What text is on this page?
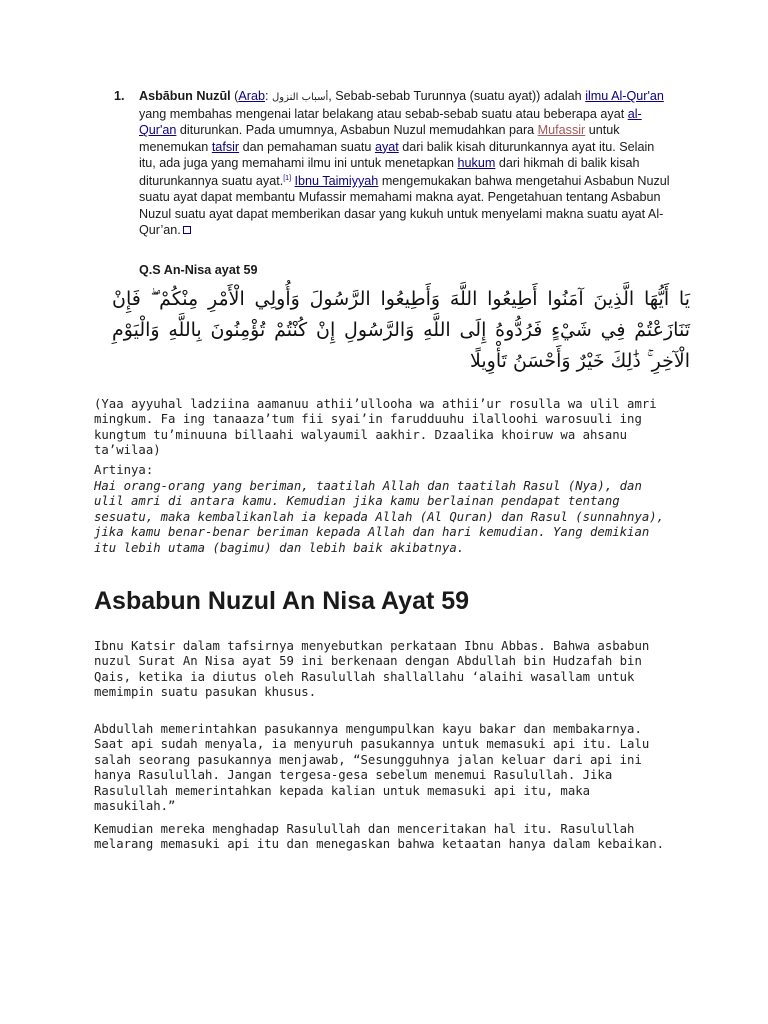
1. Asbābun Nuzūl (Arab: أسباب النزول, Sebab-sebab Turunnya (suatu ayat)) adalah ilmu Al-Qur'an yang membahas mengenai latar belakang atau sebab-sebab suatu atau beberapa ayat al-Qur'an diturunkan. Pada umumnya, Asbabun Nuzul memudahkan para Mufassir untuk menemukan tafsir dan pemahaman suatu ayat dari balik kisah diturunkannya ayat itu. Selain itu, ada juga yang memahami ilmu ini untuk menetapkan hukum dari hikmah di balik kisah diturunkannya suatu ayat.[1] Ibnu Taimiyyah mengemukakan bahwa mengetahui Asbabun Nuzul suatu ayat dapat membantu Mufassir memahami makna ayat. Pengetahuan tentang Asbabun Nuzul suatu ayat dapat memberikan dasar yang kukuh untuk menyelami makna suatu ayat Al-Qur’an.
Q.S An-Nisa ayat 59
يَا أَيُّهَا الَّذِينَ آمَنُوا أَطِيعُوا اللَّهَ وَأَطِيعُوا الرَّسُولَ وَأُولِي الْأَمْرِ مِنْكُمْ ۖ فَإِنْ تَنَازَعْتُمْ فِي شَيْءٍ فَرُدُّوهُ إِلَى اللَّهِ وَالرَّسُولِ إِنْ كُنْتُمْ تُؤْمِنُونَ بِاللَّهِ وَالْيَوْمِ الْآخِرِ ۚ ذَٰلِكَ خَيْرٌ وَأَحْسَنُ تَأْوِيلًا
(Yaa ayyuhal ladziina aamanuu athii’ullooha wa athii’ur rosulla wa ulil amri mingkum. Fa ing tanaaza’tum fii syai’in farudduuhu ilalloohi warosuuli ing kungtum tu’minuuna billaahi walyaumil aakhir. Dzaalika khoiruw wa ahsanu ta’wilaa)
Artinya:
Hai orang-orang yang beriman, taatilah Allah dan taatilah Rasul (Nya), dan ulil amri di antara kamu. Kemudian jika kamu berlainan pendapat tentang sesuatu, maka kembalikanlah ia kepada Allah (Al Quran) dan Rasul (sunnahnya), jika kamu benar-benar beriman kepada Allah dan hari kemudian. Yang demikian itu lebih utama (bagimu) dan lebih baik akibatnya.
Asbabun Nuzul An Nisa Ayat 59
Ibnu Katsir dalam tafsirnya menyebutkan perkataan Ibnu Abbas. Bahwa asbabun nuzul Surat An Nisa ayat 59 ini berkenaan dengan Abdullah bin Hudzafah bin Qais, ketika ia diutus oleh Rasulullah shallallahu ‘alaihi wasallam untuk memimpin suatu pasukan khusus.
Abdullah memerintahkan pasukannya mengumpulkan kayu bakar dan membakarnya. Saat api sudah menyala, ia menyuruh pasukannya untuk memasuki api itu. Lalu salah seorang pasukannya menjawab, “Sesungguhnya jalan keluar dari api ini hanya Rasulullah. Jangan tergesa-gesa sebelum menemui Rasulullah. Jika Rasulullah memerintahkan kepada kalian untuk memasuki api itu, maka masukilah.”
Kemudian mereka menghadap Rasulullah dan menceritakan hal itu. Rasulullah melarang memasuki api itu dan menegaskan bahwa ketaatan hanya dalam kebaikan.
